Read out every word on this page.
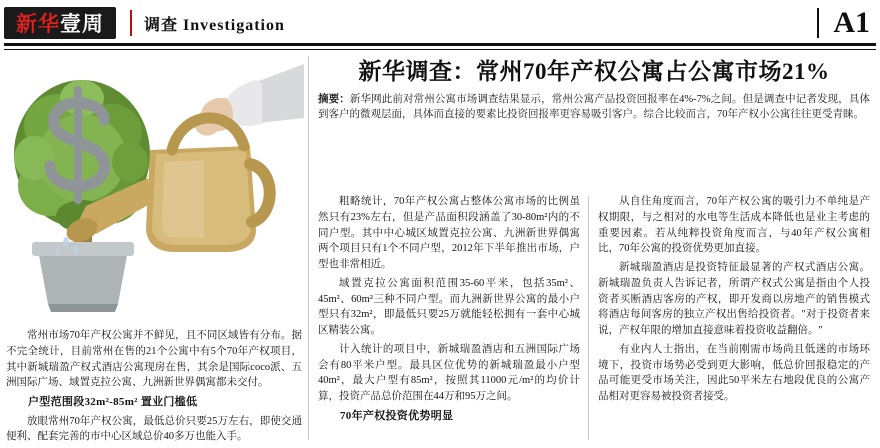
新华 壹周	调查 Investigation	A1
新华调查：常州70年产权公寓占公寓市场21%

摘要：新华网此前对常州公寓市场调查结果显示，常州公寓产品投资回报率在4%-7%之间。但是调查中记者发现，具体到客户的微观层面，具体而直接的要素比投资回报率更容易吸引客户。综合比较而言，70年产权小公寓往往更受青睐。

常州市场70年产权公寓并不鲜见，且不同区域皆有分布。据不完全统计，目前常州在售的21个公寓中有5个70年产权项目，其中新城瑞盈产权式酒店公寓现房在售，其余是国际coco派、五洲国际广场、域置克拉公寓、九洲新世界偶寓都未交付。

户型范围段32m²-85m² 置业门槛低

放眼常州70年产权公寓，最低总价只要25万左右，即使交通便利、配套完善的市中心区域总价40多万也能入手。

粗略统计，70年产权公寓占整体公寓市场的比例虽然只有23%左右，但是产品面积段涵盖了30-80m²内的不同户型。其中中心城区域置克拉公寓、九洲新世界偶寓两个项目只有1个不同户型，2012年下半年推出市场，户型也非常相近。

域置克拉公寓面积范围35-60平米，包括35m²、45m²、60m²三种不同户型。而九洲新世界公寓的最小户型只有32m²，即最低只要25万就能轻松拥有一套中心城区精装公寓。

计入统计的项目中，新城瑞盈酒店和五洲国际广场会有80平米户型。最具区位优势的新城瑞盈最小户型40m²，最大户型有85m²，按照其11000元/m²的均价计算，投资产品总价范围在44万和95万之间。

70年产权投资优势明显

从自住角度而言，70年产权公寓的吸引力不单纯是产权期限，与之相对的水电等生活成本降低也是业主考虑的重要因素。若从纯粹投资角度而言，与40年产权公寓相比，70年公寓的投资优势更加直接。

新城瑞盈酒店是投资特征最显著的产权式酒店公寓。新城瑞盈负责人告诉记者，所谓产权式公寓是指由个人投资者买断酒店客房的产权，即开发商以房地产的销售模式将酒店每间客房的独立产权出售给投资者。"对于投资者来说，产权年限的增加直接意味着投资收益翻倍。"

有业内人士指出，在当前刚需市场尚且低迷的市场环境下，投资市场势必受到更大影响，低总价回报稳定的产品可能更受市场关注，因此50平米左右地段优良的公寓产品相对更容易被投资者接受。
